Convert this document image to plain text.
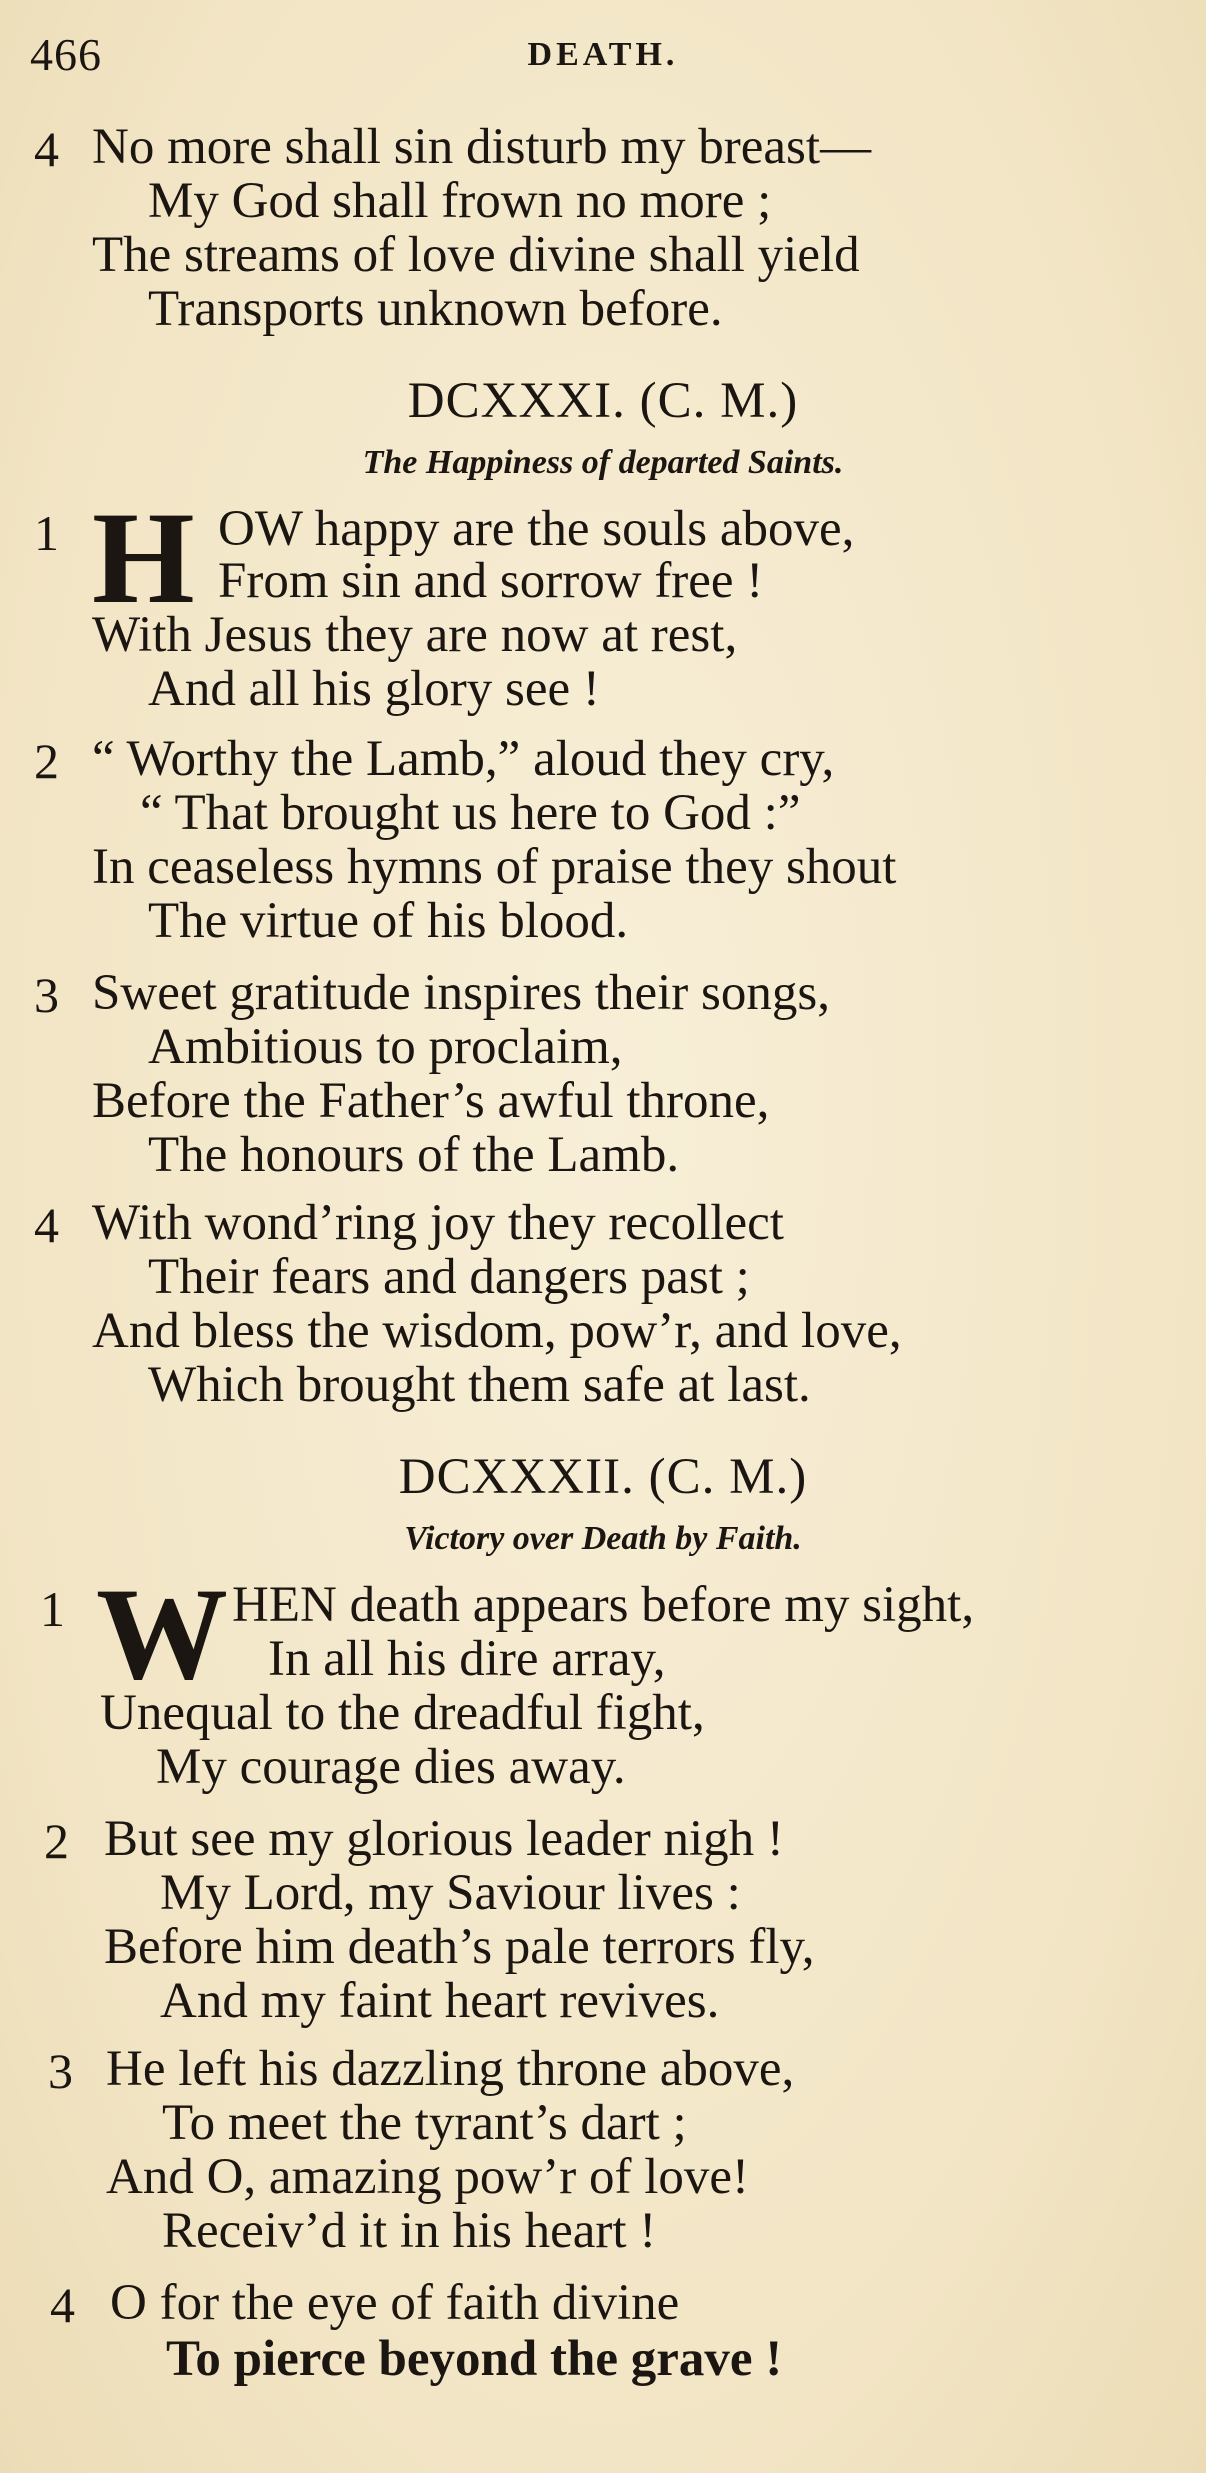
466	DEATH.
4 No more shall sin disturb my breast—
My God shall frown no more ;
The streams of love divine shall yield
Transports unknown before.
DCXXXI. (C. M.)
The Happiness of departed Saints.
1 H OW happy are the souls above,
From sin and sorrow free !
With Jesus they are now at rest,
And all his glory see !
2 “ Worthy the Lamb,” aloud they cry,
“ That brought us here to God :”
In ceaseless hymns of praise they shout
The virtue of his blood.
3 Sweet gratitude inspires their songs,
Ambitious to proclaim,
Before the Father’s awful throne,
The honours of the Lamb.
4 With wond’ring joy they recollect
Their fears and dangers past ;
And bless the wisdom, pow’r, and love,
Which brought them safe at last.
DCXXXII. (C. M.)
Victory over Death by Faith.
1 W HEN death appears before my sight,
In all his dire array,
Unequal to the dreadful fight,
My courage dies away.
2 But see my glorious leader nigh !
My Lord, my Saviour lives :
Before him death’s pale terrors fly,
And my faint heart revives.
3 He left his dazzling throne above,
To meet the tyrant’s dart ;
And O, amazing pow’r of love!
Receiv’d it in his heart !
4 O for the eye of faith divine
To pierce beyond the grave !
